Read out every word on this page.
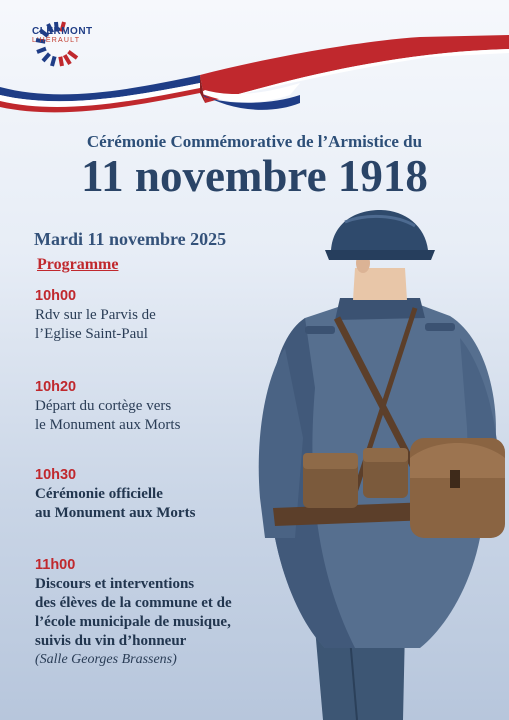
CLERMONT
L'HÉRAULT
Cérémonie Commémorative de l’Armistice du
11 novembre 1918
Mardi 11 novembre 2025
Programme
10h00
Rdv sur le Parvis de
l’Eglise Saint-Paul
10h20
Départ du cortège vers
le Monument aux Morts
10h30
Cérémonie officielle
au Monument aux Morts
11h00
Discours et interventions
des élèves de la commune et de
l’école municipale de musique,
suivis du vin d’honneur
(Salle Georges Brassens)
